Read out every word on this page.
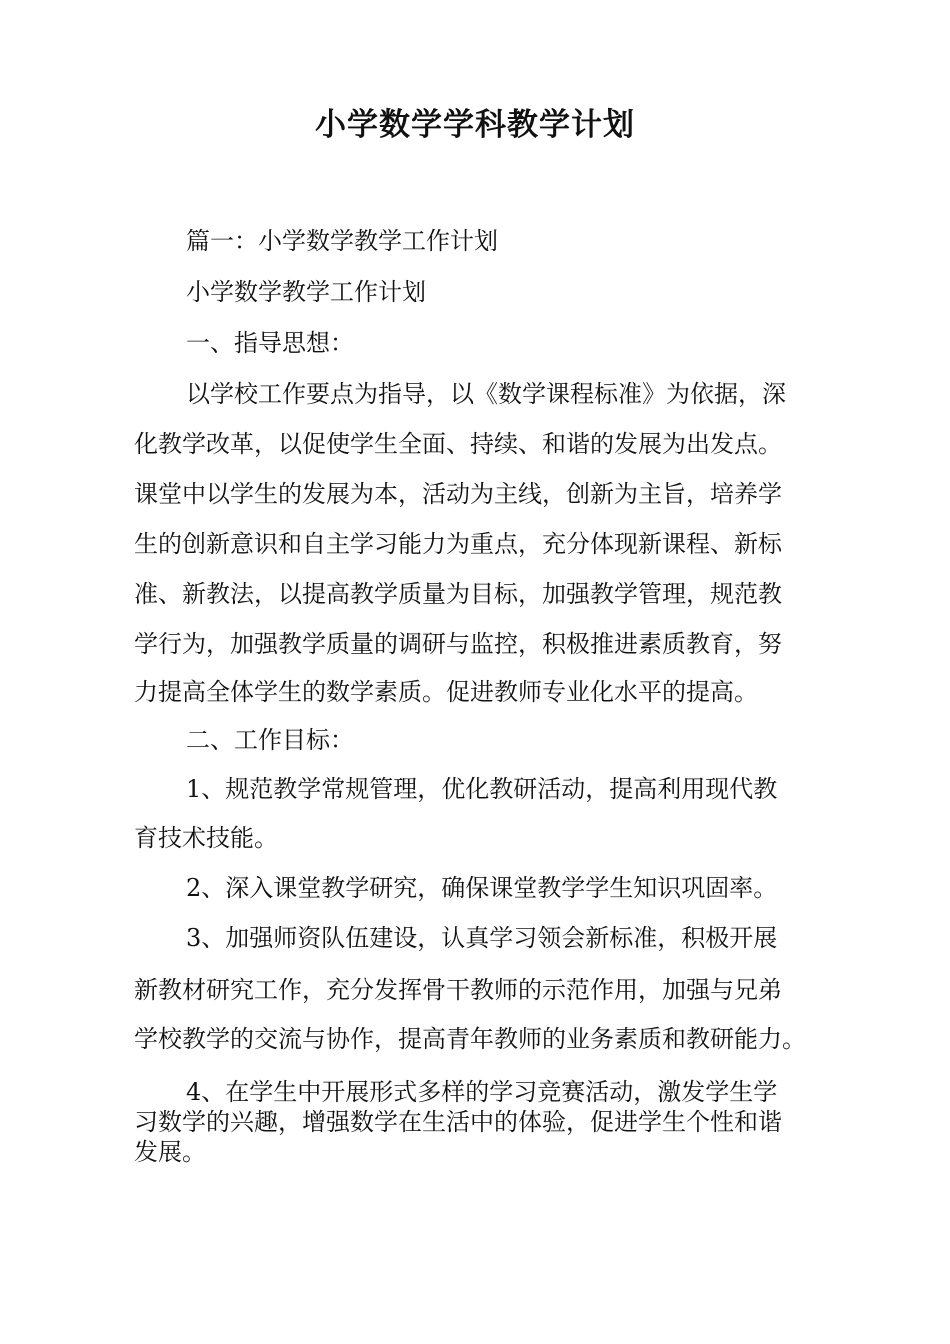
小学数学学科教学计划
篇一：小学数学教学工作计划
小学数学教学工作计划
一、指导思想：
以学校工作要点为指导，以《数学课程标准》为依据，深
化教学改革，以促使学生全面、持续、和谐的发展为出发点。
课堂中以学生的发展为本，活动为主线，创新为主旨，培养学
生的创新意识和自主学习能力为重点，充分体现新课程、新标
准、新教法，以提高教学质量为目标，加强教学管理，规范教
学行为，加强教学质量的调研与监控，积极推进素质教育，努
力提高全体学生的数学素质。促进教师专业化水平的提高。
二、工作目标：
1、规范教学常规管理，优化教研活动，提高利用现代教
育技术技能。
2、深入课堂教学研究，确保课堂教学学生知识巩固率。
3、加强师资队伍建设，认真学习领会新标准，积极开展
新教材研究工作，充分发挥骨干教师的示范作用，加强与兄弟
学校教学的交流与协作，提高青年教师的业务素质和教研能力。
4、在学生中开展形式多样的学习竞赛活动，激发学生学
习数学的兴趣，增强数学在生活中的体验，促进学生个性和谐
发展。
